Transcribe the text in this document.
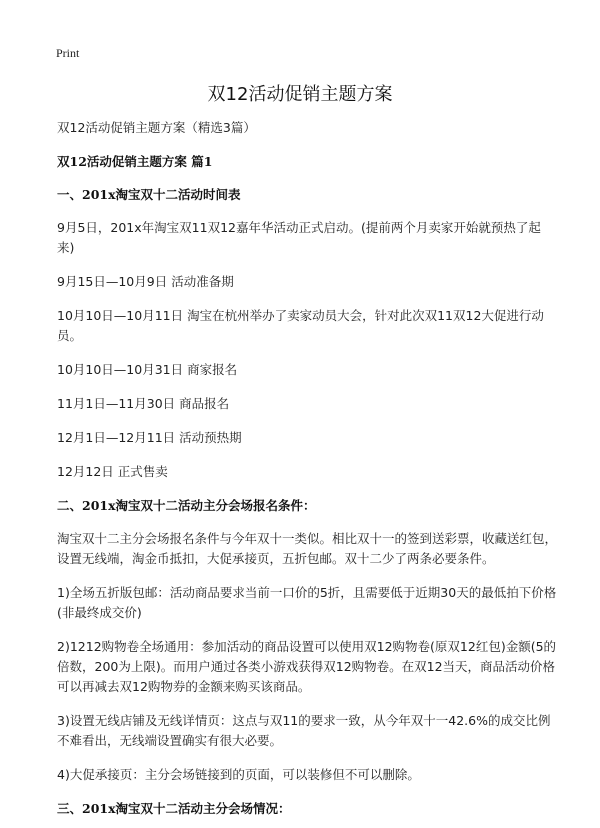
Print
双12活动促销主题方案

双12活动促销主题方案（精选3篇）

双12活动促销主题方案 篇1

一、201x淘宝双十二活动时间表

9月5日，201x年淘宝双11双12嘉年华活动正式启动。(提前两个月卖家开始就预热了起来)

9月15日—10月9日 活动准备期

10月10日—10月11日 淘宝在杭州举办了卖家动员大会，针对此次双11双12大促进行动员。

10月10日—10月31日 商家报名

11月1日—11月30日 商品报名

12月1日—12月11日 活动预热期

12月12日 正式售卖

二、201x淘宝双十二活动主分会场报名条件：

淘宝双十二主分会场报名条件与今年双十一类似。相比双十一的签到送彩票，收藏送红包，设置无线端，淘金币抵扣，大促承接页，五折包邮。双十二少了两条必要条件。

1)全场五折版包邮：活动商品要求当前一口价的5折，且需要低于近期30天的最低拍下价格(非最终成交价)

2)1212购物卷全场通用：参加活动的商品设置可以使用双12购物卷(原双12红包)金额(5的倍数，200为上限)。而用户通过各类小游戏获得双12购物卷。在双12当天，商品活动价格可以再减去双12购物券的金额来购买该商品。

3)设置无线店铺及无线详情页：这点与双11的要求一致，从今年双十一42.6%的成交比例不难看出，无线端设置确实有很大必要。

4)大促承接页：主分会场链接到的页面，可以装修但不可以删除。

三、201x淘宝双十二活动主分会场情况：
